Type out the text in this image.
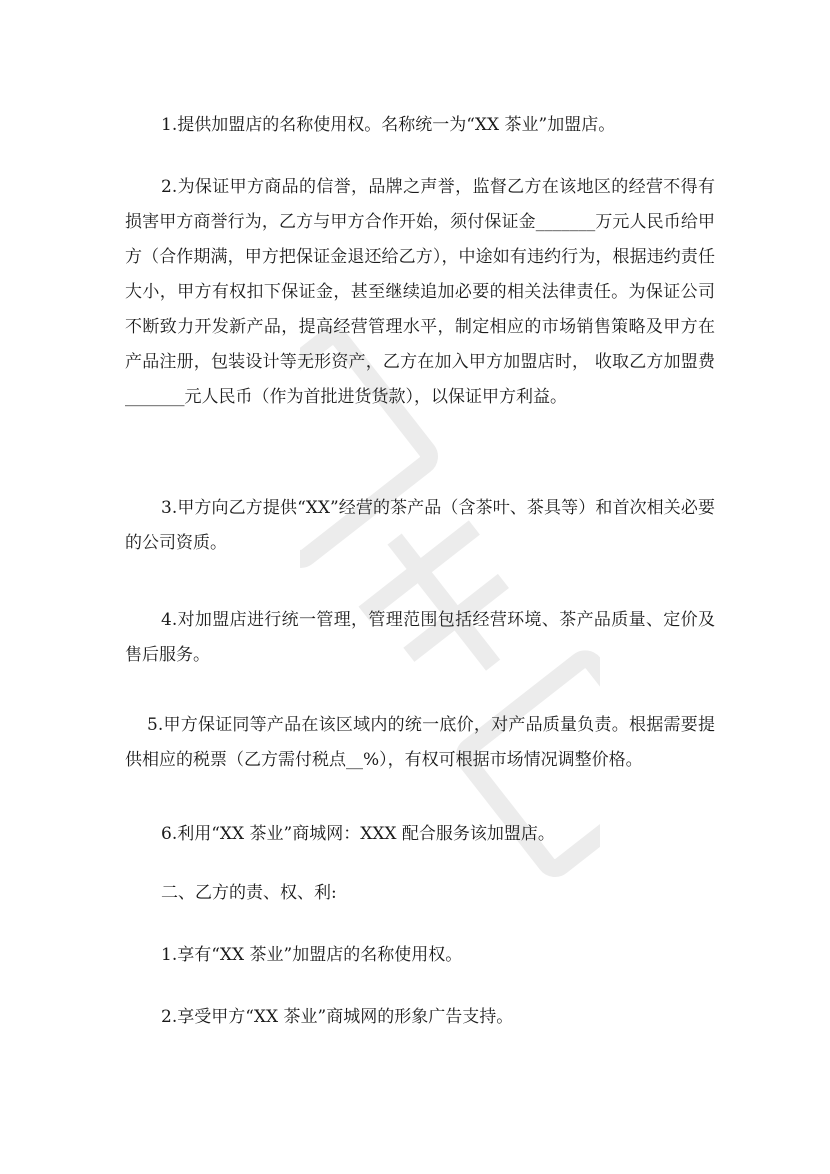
1.提供加盟店的名称使用权。名称统一为“XX 茶业”加盟店。

2.为保证甲方商品的信誉，品牌之声誉，监督乙方在该地区的经营不得有损害甲方商誉行为，乙方与甲方合作开始，须付保证金_______万元人民币给甲方（合作期满，甲方把保证金退还给乙方），中途如有违约行为，根据违约责任大小，甲方有权扣下保证金，甚至继续追加必要的相关法律责任。为保证公司不断致力开发新产品，提高经营管理水平，制定相应的市场销售策略及甲方在产品注册，包装设计等无形资产，乙方在加入甲方加盟店时， 收取乙方加盟费_______元人民币（作为首批进货货款），以保证甲方利益。

3.甲方向乙方提供“XX”经营的茶产品（含茶叶、茶具等）和首次相关必要的公司资质。

4.对加盟店进行统一管理，管理范围包括经营环境、茶产品质量、定价及售后服务。

5.甲方保证同等产品在该区域内的统一底价，对产品质量负责。根据需要提供相应的税票（乙方需付税点__%），有权可根据市场情况调整价格。

6.利用“XX 茶业”商城网：XXX 配合服务该加盟店。

二、乙方的责、权、利:

1.享有“XX 茶业”加盟店的名称使用权。

2.享受甲方“XX 茶业”商城网的形象广告支持。
